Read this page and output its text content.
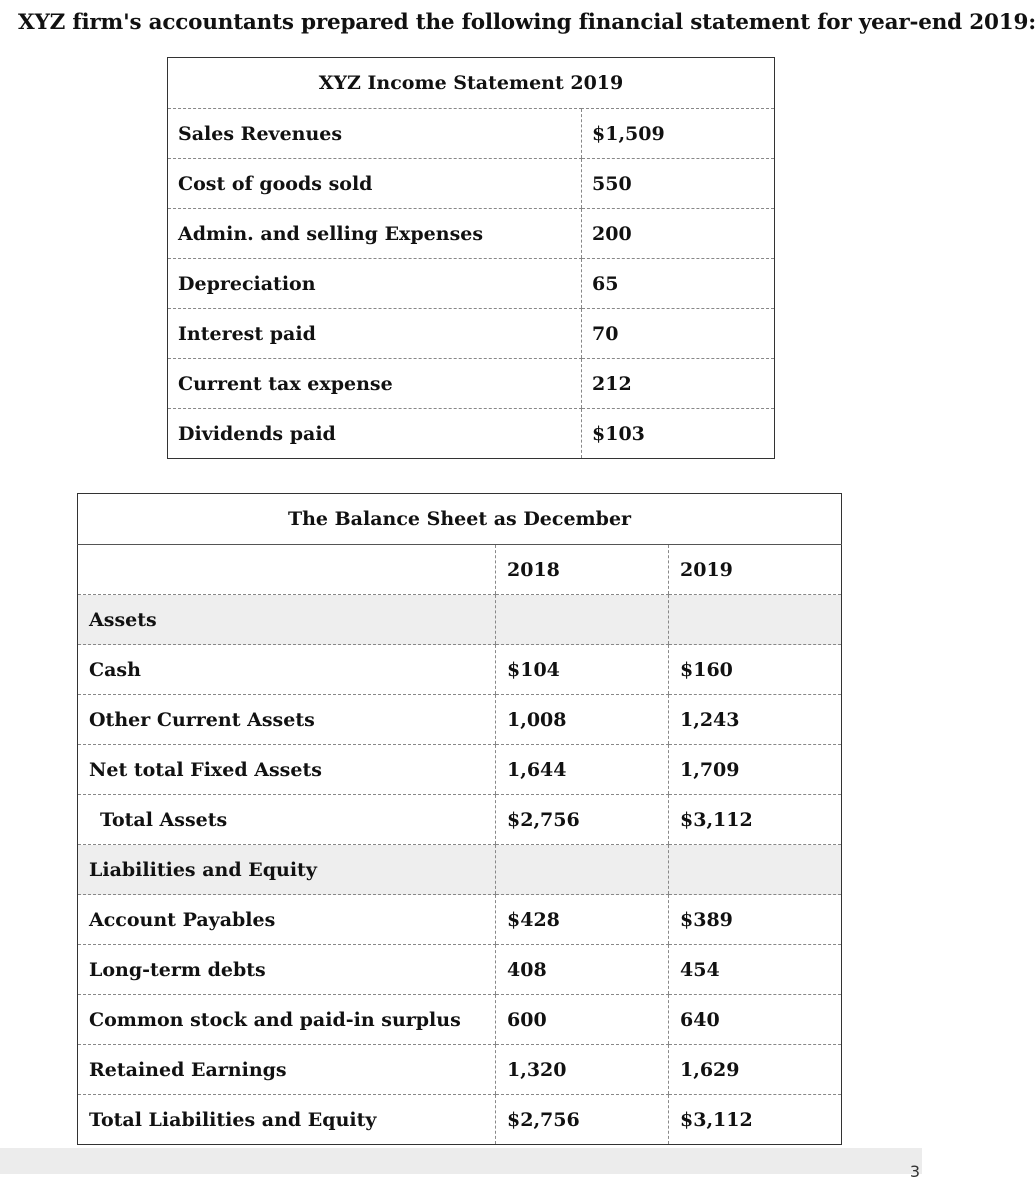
XYZ firm's accountants prepared the following financial statement for year-end 2019:
XYZ Income Statement 2019	
Sales Revenues	$1,509
Cost of goods sold	550
Admin. and selling Expenses	200
Depreciation	65
Interest paid	70
Current tax expense	212
Dividends paid	$103
The Balance Sheet as December		
	2018	2019
Assets		
Cash	$104	$160
Other Current Assets	1,008	1,243
Net total Fixed Assets	1,644	1,709
Total Assets	$2,756	$3,112
Liabilities and Equity		
Account Payables	$428	$389
Long-term debts	408	454
Common stock and paid-in surplus	600	640
Retained Earnings	1,320	1,629
Total Liabilities and Equity	$2,756	$3,112
3
